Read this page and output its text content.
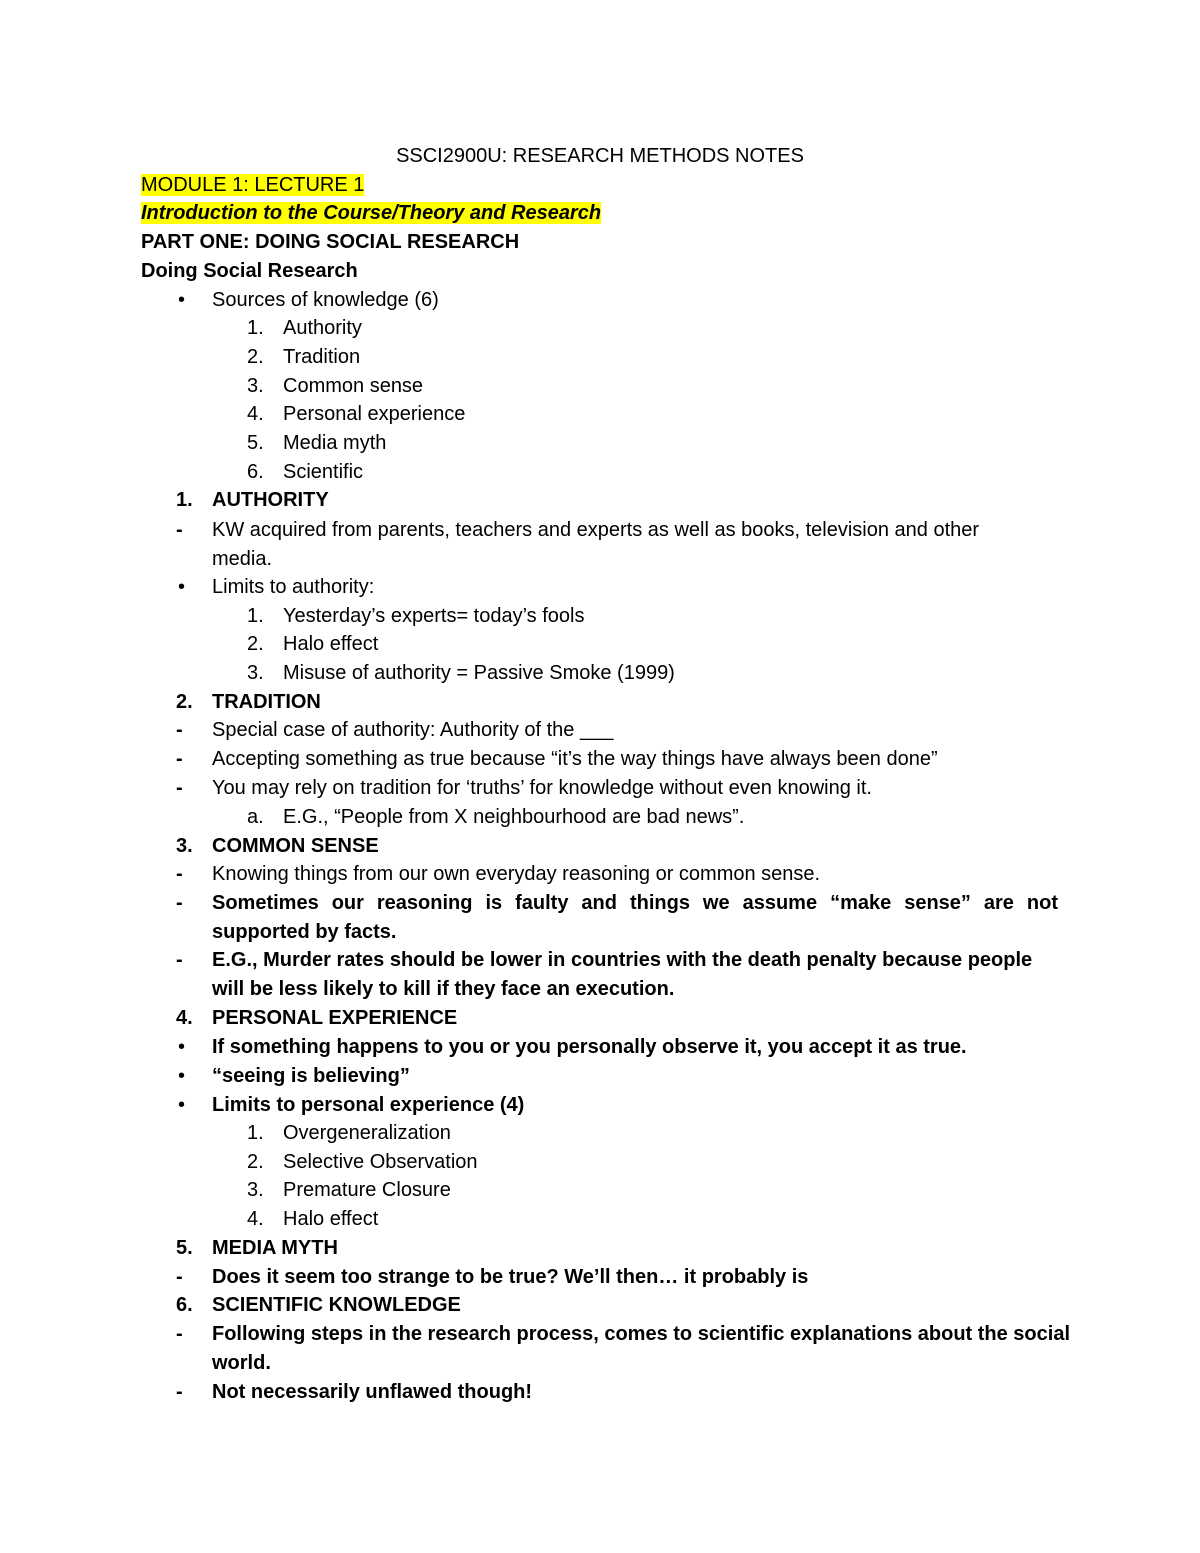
SSCI2900U: RESEARCH METHODS NOTES
MODULE 1: LECTURE 1
Introduction to the Course/Theory and Research
PART ONE: DOING SOCIAL RESEARCH
Doing Social Research
• Sources of knowledge (6)
1. Authority
2. Tradition
3. Common sense
4. Personal experience
5. Media myth
6. Scientific
1. AUTHORITY
- KW acquired from parents, teachers and experts as well as books, television and other
media.
• Limits to authority:
1. Yesterday’s experts= today’s fools
2. Halo effect
3. Misuse of authority = Passive Smoke (1999)
2. TRADITION
- Special case of authority: Authority of the ___
- Accepting something as true because “it’s the way things have always been done”
- You may rely on tradition for ‘truths’ for knowledge without even knowing it.
a. E.G., “People from X neighbourhood are bad news”.
3. COMMON SENSE
- Knowing things from our own everyday reasoning or common sense.
- Sometimes our reasoning is faulty and things we assume “make sense” are not
supported by facts.
- E.G., Murder rates should be lower in countries with the death penalty because people
will be less likely to kill if they face an execution.
4. PERSONAL EXPERIENCE
• If something happens to you or you personally observe it, you accept it as true.
• “seeing is believing”
• Limits to personal experience (4)
1. Overgeneralization
2. Selective Observation
3. Premature Closure
4. Halo effect
5. MEDIA MYTH
- Does it seem too strange to be true? We’ll then… it probably is
6. SCIENTIFIC KNOWLEDGE
- Following steps in the research process, comes to scientific explanations about the social
world.
- Not necessarily unflawed though!
